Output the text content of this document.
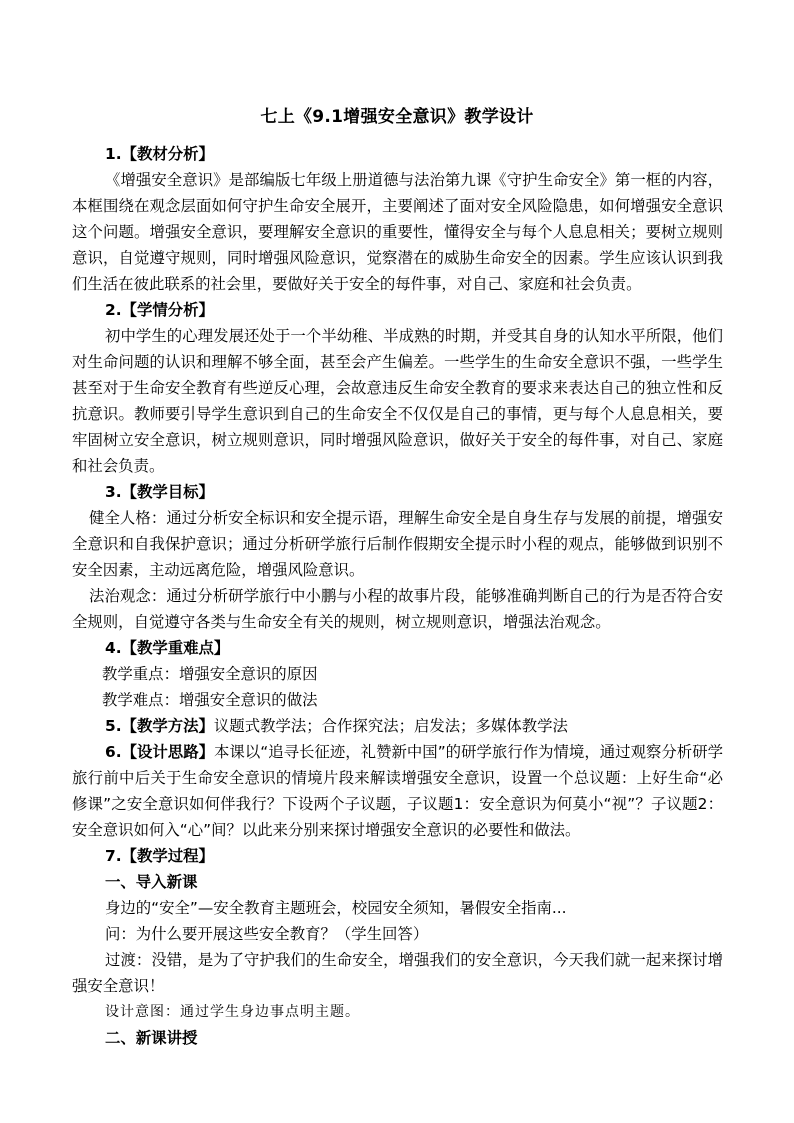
七上《9.1增强安全意识》教学设计

1.【教材分析】

《增强安全意识》是部编版七年级上册道德与法治第九课《守护生命安全》第一框的内容，本框围绕在观念层面如何守护生命安全展开，主要阐述了面对安全风险隐患，如何增强安全意识这个问题。增强安全意识，要理解安全意识的重要性，懂得安全与每个人息息相关；要树立规则意识，自觉遵守规则，同时增强风险意识，觉察潜在的威胁生命安全的因素。学生应该认识到我们生活在彼此联系的社会里，要做好关于安全的每件事，对自己、家庭和社会负责。

2.【学情分析】

初中学生的心理发展还处于一个半幼稚、半成熟的时期，并受其自身的认知水平所限，他们对生命问题的认识和理解不够全面，甚至会产生偏差。一些学生的生命安全意识不强，一些学生甚至对于生命安全教育有些逆反心理，会故意违反生命安全教育的要求来表达自己的独立性和反抗意识。教师要引导学生意识到自己的生命安全不仅仅是自己的事情，更与每个人息息相关，要牢固树立安全意识，树立规则意识，同时增强风险意识，做好关于安全的每件事，对自己、家庭和社会负责。

3.【教学目标】

健全人格：通过分析安全标识和安全提示语，理解生命安全是自身生存与发展的前提，增强安全意识和自我保护意识；通过分析研学旅行后制作假期安全提示时小程的观点，能够做到识别不安全因素，主动远离危险，增强风险意识。

法治观念：通过分析研学旅行中小鹏与小程的故事片段，能够准确判断自己的行为是否符合安全规则，自觉遵守各类与生命安全有关的规则，树立规则意识，增强法治观念。

4.【教学重难点】

教学重点：增强安全意识的原因

教学难点：增强安全意识的做法

5.【教学方法】议题式教学法；合作探究法；启发法；多媒体教学法

6.【设计思路】本课以“追寻长征迹，礼赞新中国”的研学旅行作为情境，通过观察分析研学旅行前中后关于生命安全意识的情境片段来解读增强安全意识，设置一个总议题：上好生命“必修课”之安全意识如何伴我行？下设两个子议题，子议题1：安全意识为何莫小“视”？子议题2：安全意识如何入“心”间？以此来分别来探讨增强安全意识的必要性和做法。

7.【教学过程】

一、导入新课

身边的“安全”—安全教育主题班会，校园安全须知，暑假安全指南...

问：为什么要开展这些安全教育？（学生回答）

过渡：没错，是为了守护我们的生命安全，增强我们的安全意识，今天我们就一起来探讨增强安全意识！

设计意图：通过学生身边事点明主题。

二、新课讲授
